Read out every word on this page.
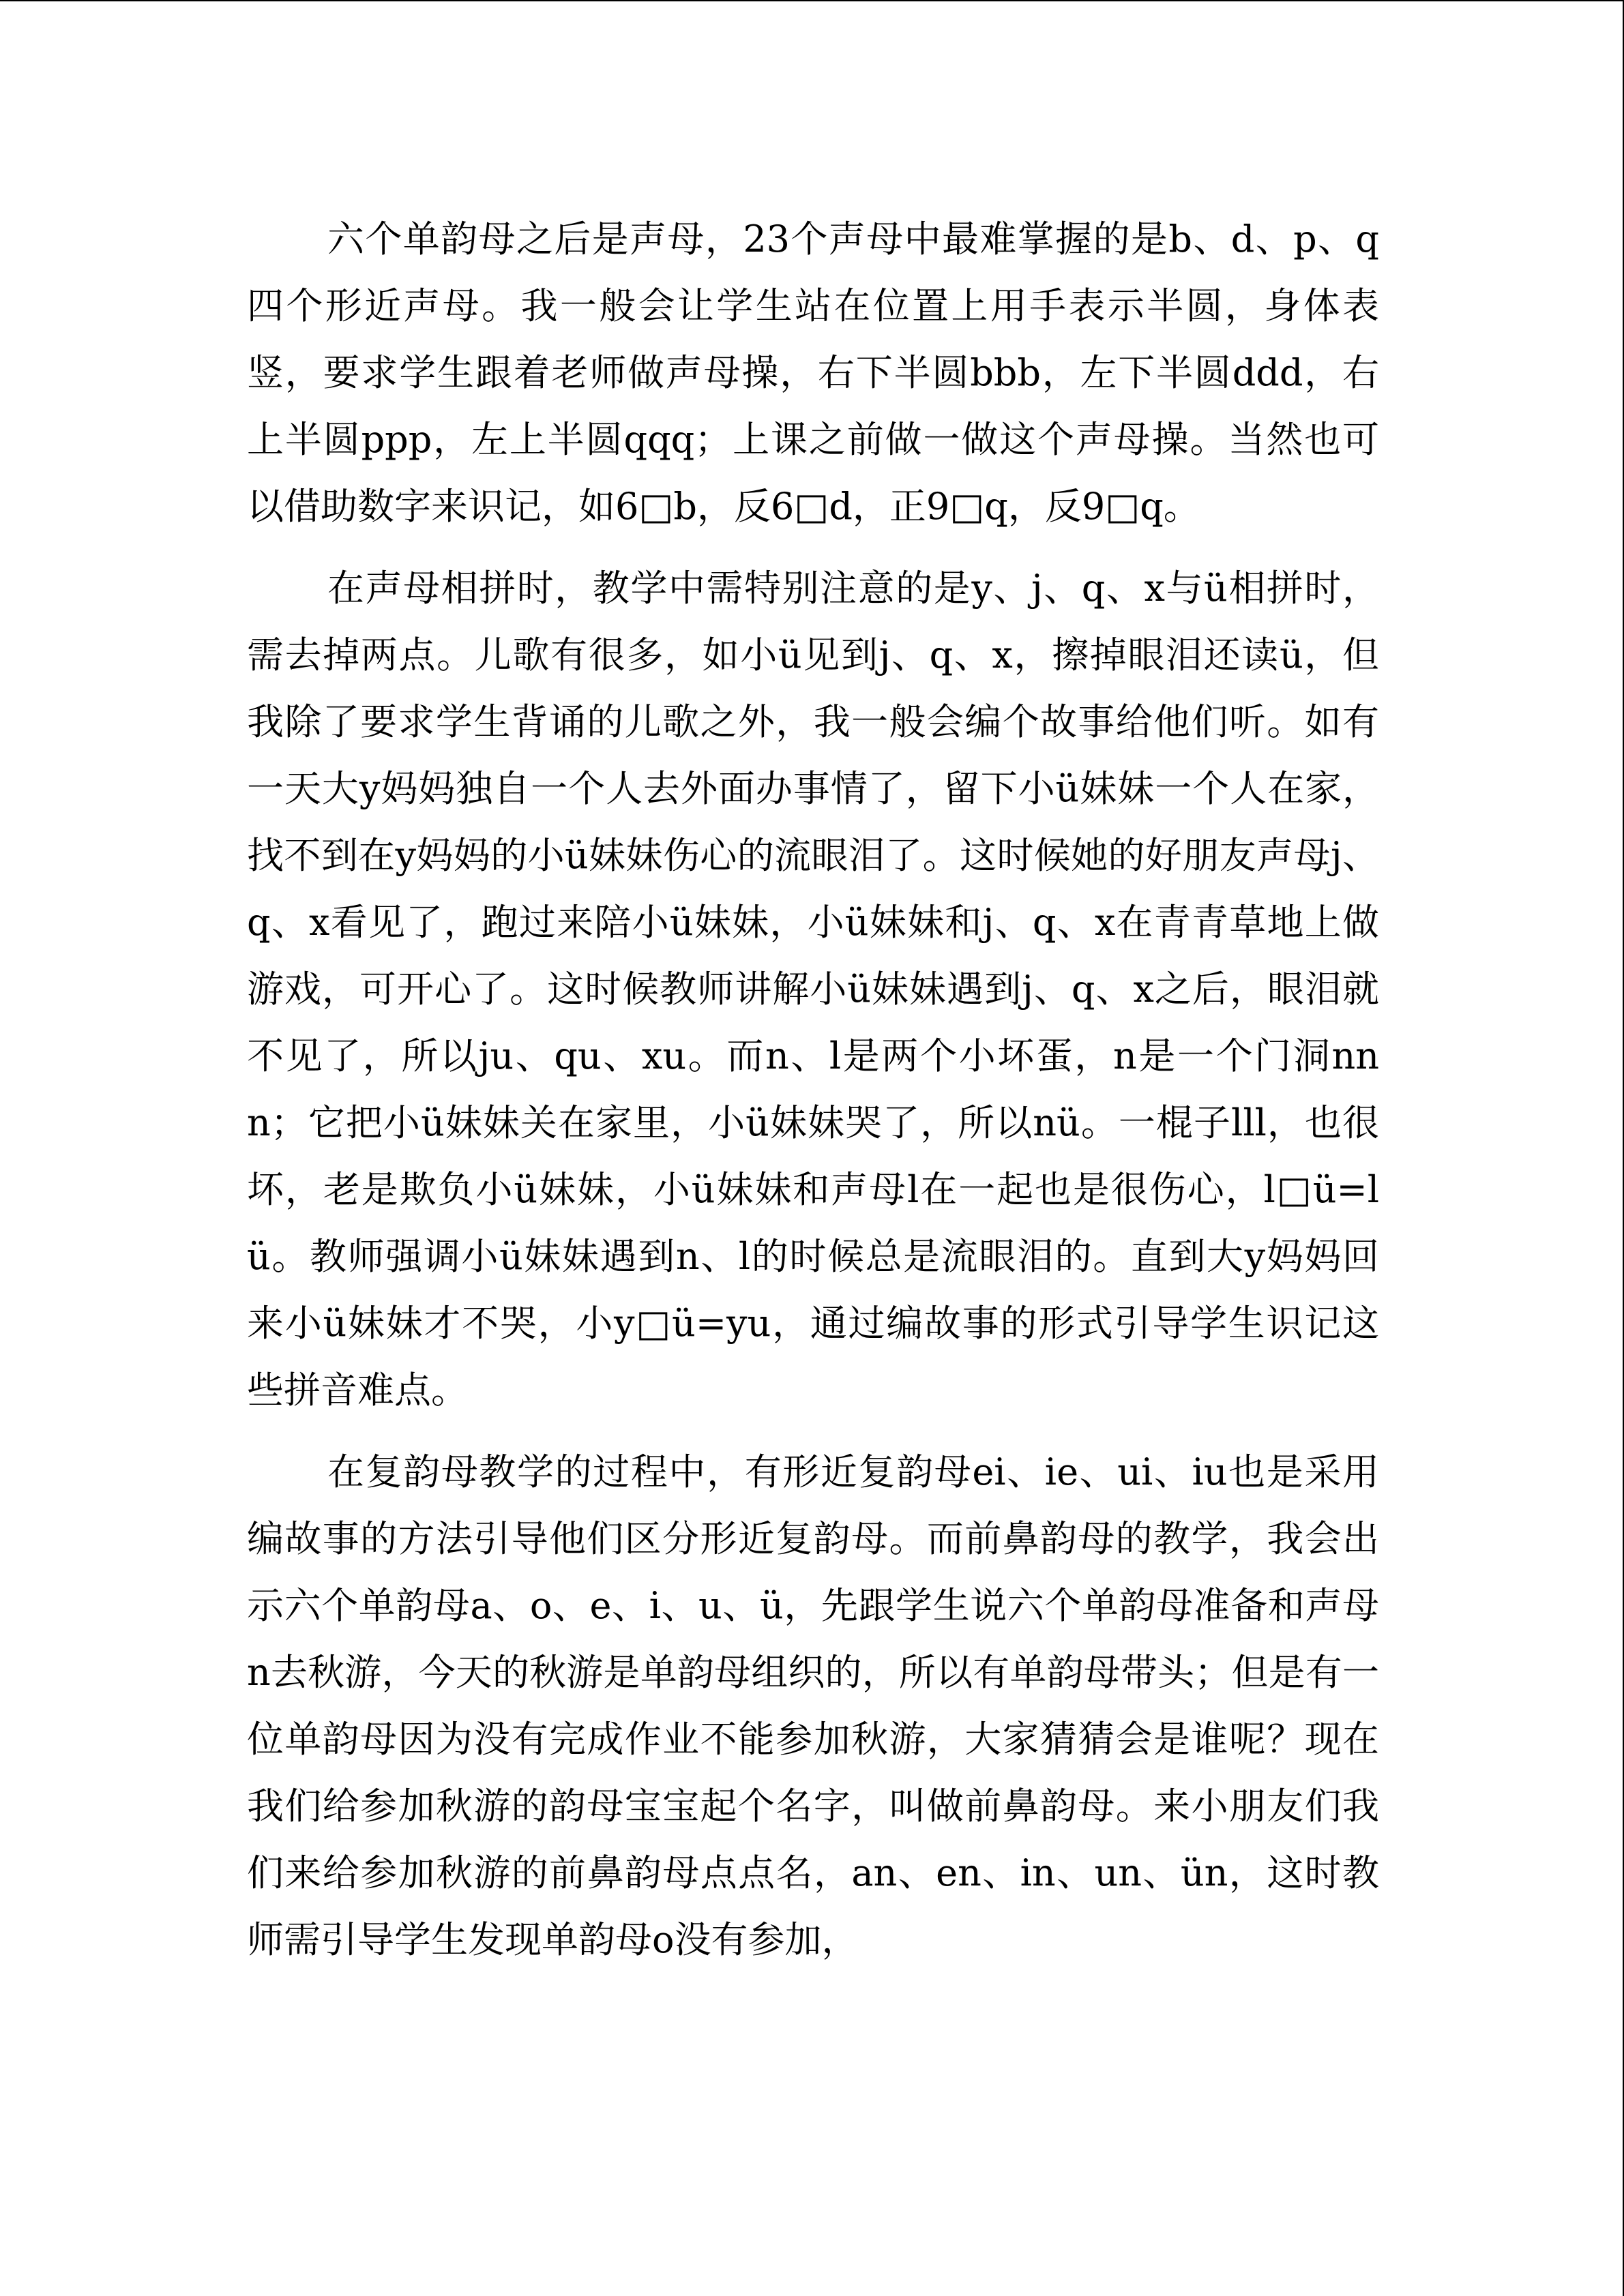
六个单韵母之后是声母，23个声母中最难掌握的是b、d、p、q四个形近声母。我一般会让学生站在位置上用手表示半圆，身体表竖，要求学生跟着老师做声母操，右下半圆bbb，左下半圆ddd，右上半圆ppp，左上半圆qqq；上课之前做一做这个声母操。当然也可以借助数字来识记，如6□b，反6□d，正9□q，反9□q。

在声母相拼时，教学中需特别注意的是y、j、q、x与ü相拼时，需去掉两点。儿歌有很多，如小ü见到j、q、x，擦掉眼泪还读ü，但我除了要求学生背诵的儿歌之外，我一般会编个故事给他们听。如有一天大y妈妈独自一个人去外面办事情了，留下小ü妹妹一个人在家，找不到在y妈妈的小ü妹妹伤心的流眼泪了。这时候她的好朋友声母j、q、x看见了，跑过来陪小ü妹妹，小ü妹妹和j、q、x在青青草地上做游戏，可开心了。这时候教师讲解小ü妹妹遇到j、q、x之后，眼泪就不见了，所以ju、qu、xu。而n、l是两个小坏蛋，n是一个门洞nnn；它把小ü妹妹关在家里，小ü妹妹哭了，所以nü。一棍子lll，也很坏，老是欺负小ü妹妹，小ü妹妹和声母l在一起也是很伤心，l□ü=lü。教师强调小ü妹妹遇到n、l的时候总是流眼泪的。直到大y妈妈回来小ü妹妹才不哭，小y□ü=yu，通过编故事的形式引导学生识记这些拼音难点。

在复韵母教学的过程中，有形近复韵母ei、ie、ui、iu也是采用编故事的方法引导他们区分形近复韵母。而前鼻韵母的教学，我会出示六个单韵母a、o、e、i、u、ü，先跟学生说六个单韵母准备和声母n去秋游，今天的秋游是单韵母组织的，所以有单韵母带头；但是有一位单韵母因为没有完成作业不能参加秋游，大家猜猜会是谁呢？现在我们给参加秋游的韵母宝宝起个名字，叫做前鼻韵母。来小朋友们我们来给参加秋游的前鼻韵母点点名，an、en、in、un、ün，这时教师需引导学生发现单韵母o没有参加，
